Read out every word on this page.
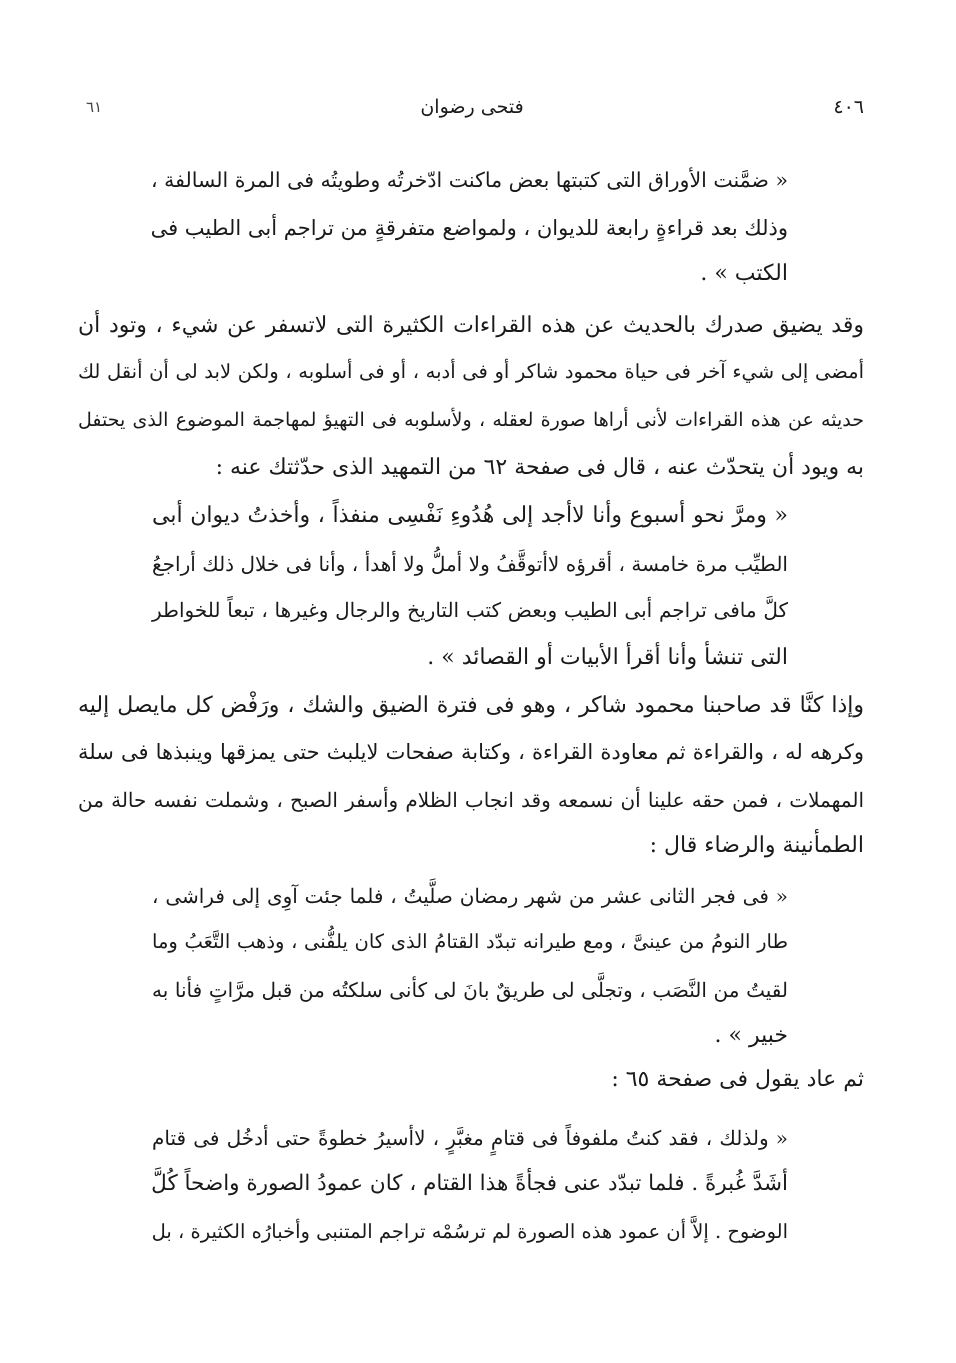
٤٠٦
فتحى رضوان
٦١
« ضمَّنت الأوراق التى كتبتها بعض ماكنت ادّخرتُه وطويتُه فى المرة السالفة ،
وذلك بعد قراءةٍ رابعة للديوان ، ولمواضع متفرقةٍ من تراجم أبى الطيب فى
الكتب » .
وقد يضيق صدرك بالحديث عن هذه القراءات الكثيرة التى لاتسفر عن شيء ، وتود أن
أمضى إلى شيء آخر فى حياة محمود شاكر أو فى أدبه ، أو فى أسلوبه ، ولكن لابد لى أن أنقل لك
حديثه عن هذه القراءات لأنى أراها صورة لعقله ، ولأسلوبه فى التهيؤ لمهاجمة الموضوع الذى يحتفل
به ويود أن يتحدّث عنه ، قال فى صفحة ٦٢ من التمهيد الذى حدّثتك عنه :
« ومرَّ نحو أسبوع وأنا لاأجد إلى هُدُوءِ نَفْسِى منفذاً ، وأخذتُ ديوان أبى
الطيِّب مرة خامسة ، أقرؤه لاأتوقَّفُ ولا أملُّ ولا أهدأ ، وأنا فى خلال ذلك أراجعُ
كلَّ مافى تراجم أبى الطيب وبعض كتب التاريخ والرجال وغيرها ، تبعاً للخواطر
التى تنشأ وأنا أقرأ الأبيات أو القصائد » .
وإذا كنَّا قد صاحبنا محمود شاكر ، وهو فى فترة الضيق والشك ، ورَفْض كل مايصل إليه
وكرهه له ، والقراءة ثم معاودة القراءة ، وكتابة صفحات لايلبث حتى يمزقها وينبذها فى سلة
المهملات ، فمن حقه علينا أن نسمعه وقد انجاب الظلام وأسفر الصبح ، وشملت نفسه حالة من
الطمأنينة والرضاء قال :
« فى فجر الثانى عشر من شهر رمضان صلَّيتُ ، فلما جئت آوِى إلى فراشى ،
طار النومُ من عينىَّ ، ومع طيرانه تبدّد القتامُ الذى كان يلفُّنى ، وذهب التَّعَبُ وما
لقيتُ من النَّصَب ، وتجلَّى لى طريقٌ بانَ لى كأنى سلكتُه من قبل مرَّاتٍ فأنا به
خبير » .
ثم عاد يقول فى صفحة ٦٥ :
« ولذلك ، فقد كنتُ ملفوفاً فى قتامٍ مغبَّرٍ ، لاأسيرُ خطوةً حتى أدخُل فى قتام
أشَدَّ غُبرةً . فلما تبدّد عنى فجأةً هذا القتام ، كان عمودُ الصورة واضحاً كُلَّ
الوضوح . إلاَّ أن عمود هذه الصورة لم ترسُمْه تراجم المتنبى وأخبارُه الكثيرة ، بل
